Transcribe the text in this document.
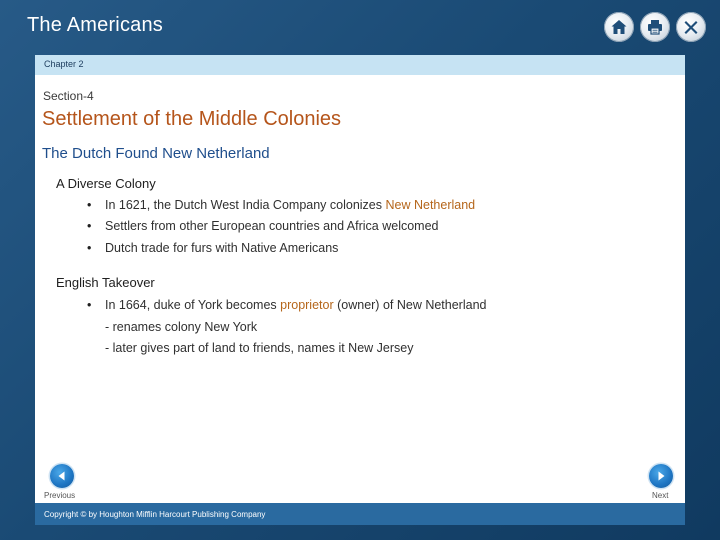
The Americans
Chapter 2
Section-4
Settlement of the Middle Colonies
The Dutch Found New Netherland
A Diverse Colony
• In 1621, the Dutch West India Company colonizes New Netherland
• Settlers from other European countries and Africa welcomed
• Dutch trade for furs with Native Americans
English Takeover
• In 1664, duke of York becomes proprietor (owner) of New Netherland
- renames colony New York
- later gives part of land to friends, names it New Jersey
Previous	Next
Copyright © by Houghton Mifflin Harcourt Publishing Company
